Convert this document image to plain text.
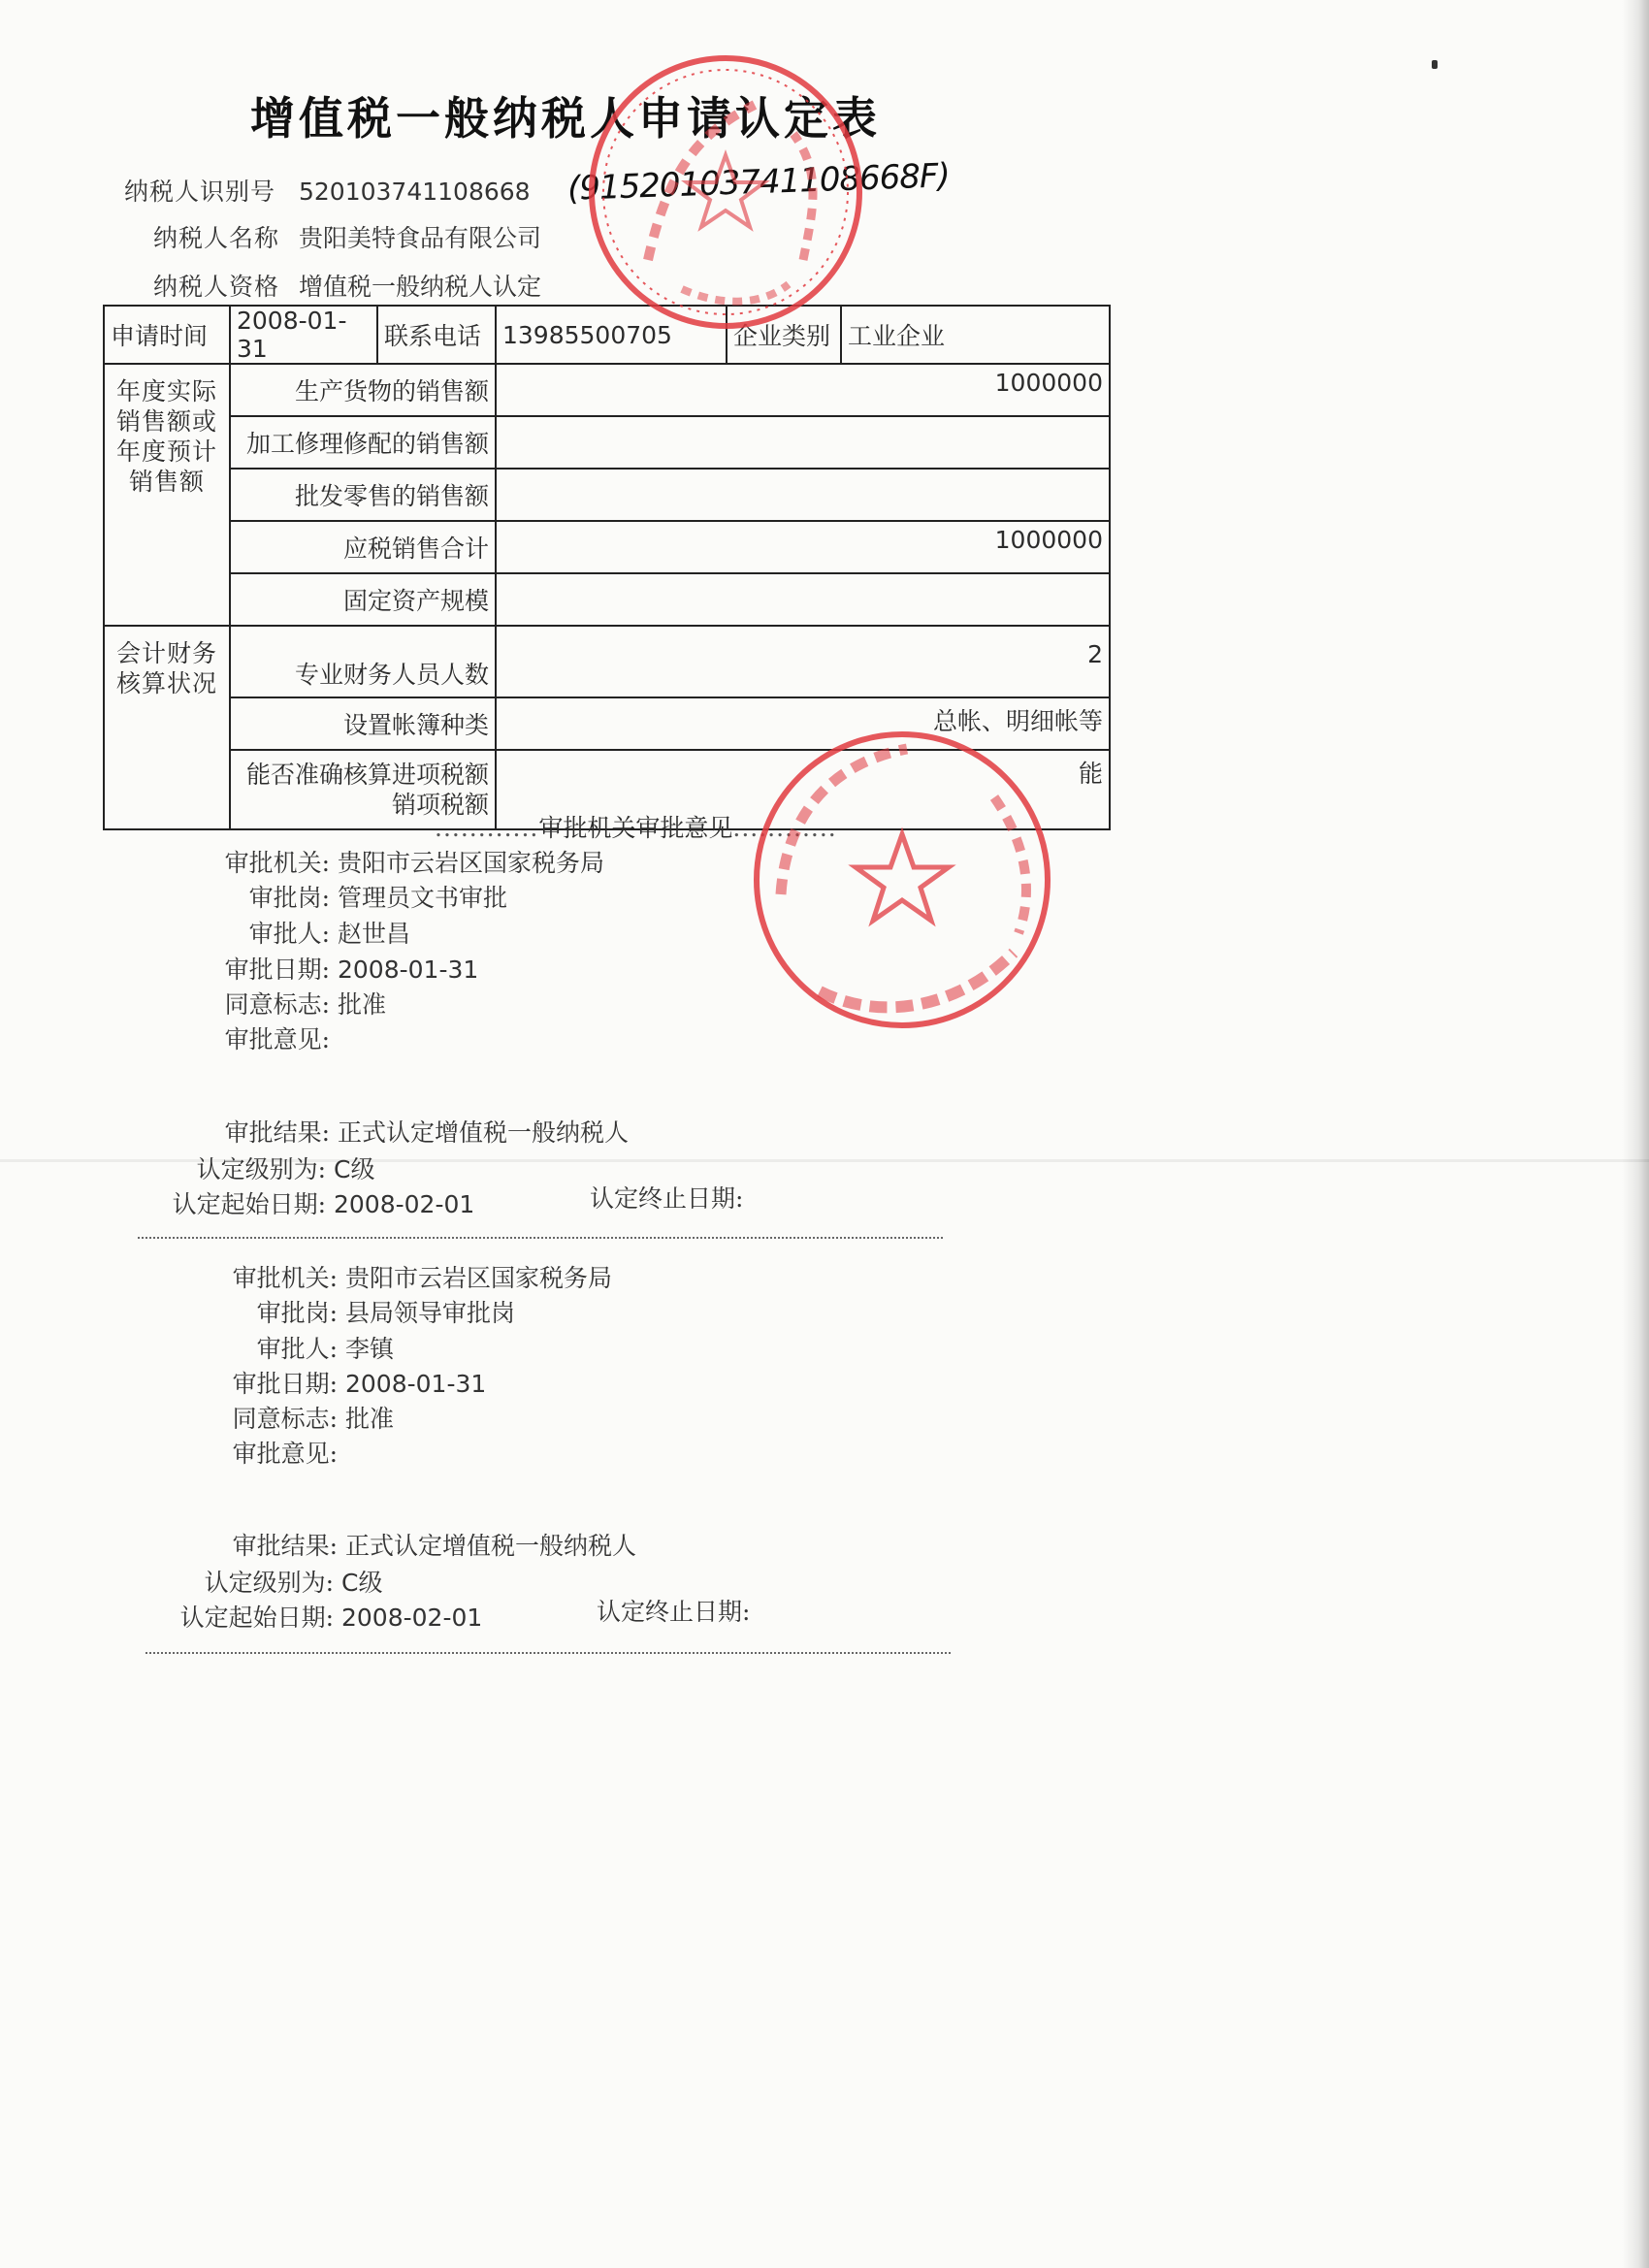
增值税一般纳税人申请认定表
纳税人识别号 520103741108668 (91520103741108668F)
纳税人名称 贵阳美特食品有限公司
纳税人资格 增值税一般纳税人认定
申请时间	2008-01-31	联系电话	13985500705	企业类别	工业企业
年度实际销售额或年度预计销售额	生产货物的销售额		1000000		
	加工修理修配的销售额				
	批发零售的销售额				
	应税销售合计		1000000		
	固定资产规模				
会计财务核算状况	专业财务人员人数		2		
	设置帐簿种类		总帐、明细帐等		
	能否准确核算进项税额销项税额		能		
............审批机关审批意见............
审批机关: 贵阳市云岩区国家税务局
审批岗: 管理员文书审批
审批人: 赵世昌
审批日期: 2008-01-31
同意标志: 批准
审批意见:
审批结果: 正式认定增值税一般纳税人
认定级别为: C级
认定起始日期: 2008-02-01	认定终止日期:
审批机关: 贵阳市云岩区国家税务局
审批岗: 县局领导审批岗
审批人: 李镇
审批日期: 2008-01-31
同意标志: 批准
审批意见:
审批结果: 正式认定增值税一般纳税人
认定级别为: C级
认定起始日期: 2008-02-01	认定终止日期:
